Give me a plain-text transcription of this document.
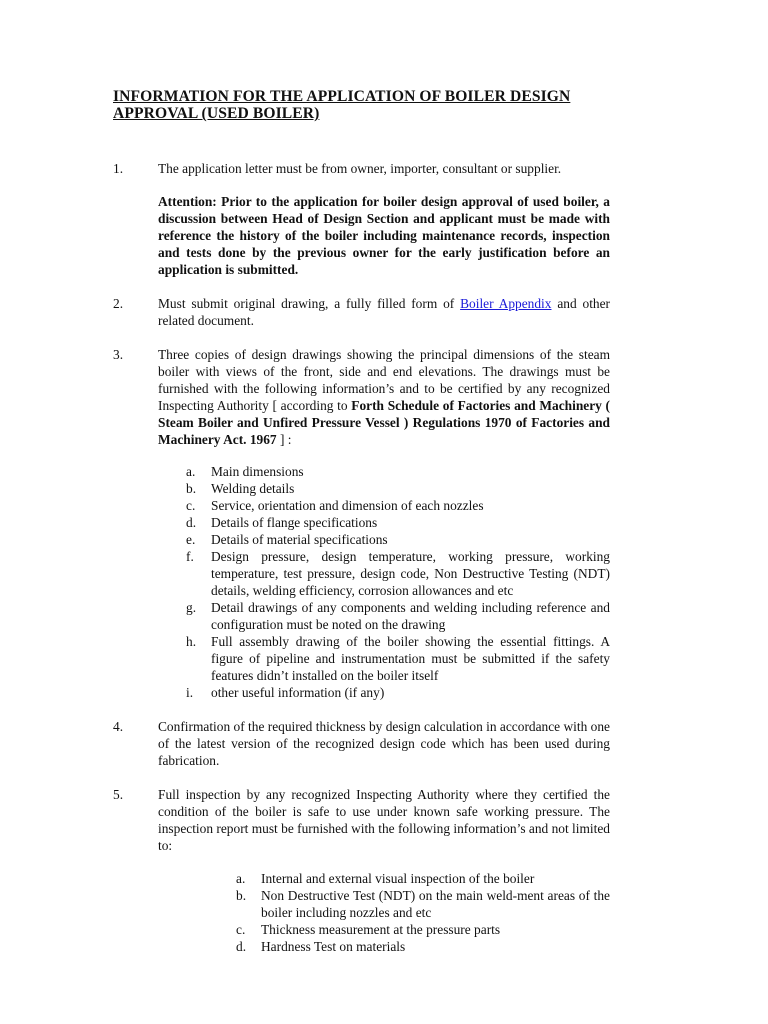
INFORMATION FOR THE APPLICATION OF BOILER DESIGN APPROVAL (USED BOILER)
1.	The application letter must be from owner, importer, consultant or supplier.
Attention: Prior to the application for boiler design approval of used boiler, a discussion between Head of Design Section and applicant must be made with reference the history of the boiler including maintenance records, inspection and tests done by the previous owner for the early justification before an application is submitted.
2.	Must submit original drawing, a fully filled form of Boiler Appendix and other related document.
3.	Three copies of design drawings showing the principal dimensions of the steam boiler with views of the front, side and end elevations. The drawings must be furnished with the following information’s and to be certified by any recognized Inspecting Authority [ according to Forth Schedule of Factories and Machinery ( Steam Boiler and Unfired Pressure Vessel ) Regulations 1970 of Factories and Machinery Act. 1967 ] :
a. Main dimensions
b. Welding details
c. Service, orientation and dimension of each nozzles
d. Details of flange specifications
e. Details of material specifications
f. Design pressure, design temperature, working pressure, working temperature, test pressure, design code, Non Destructive Testing (NDT) details, welding efficiency, corrosion allowances and etc
g. Detail drawings of any components and welding including reference and configuration must be noted on the drawing
h. Full assembly drawing of the boiler showing the essential fittings. A figure of pipeline and instrumentation must be submitted if the safety features didn’t installed on the boiler itself
i. other useful information (if any)
4.	Confirmation of the required thickness by design calculation in accordance with one of the latest version of the recognized design code which has been used during fabrication.
5.	Full inspection by any recognized Inspecting Authority where they certified the condition of the boiler is safe to use under known safe working pressure. The inspection report must be furnished with the following information’s and not limited to:
a. Internal and external visual inspection of the boiler
b. Non Destructive Test (NDT) on the main weld-ment areas of the boiler including nozzles and etc
c. Thickness measurement at the pressure parts
d. Hardness Test on materials
